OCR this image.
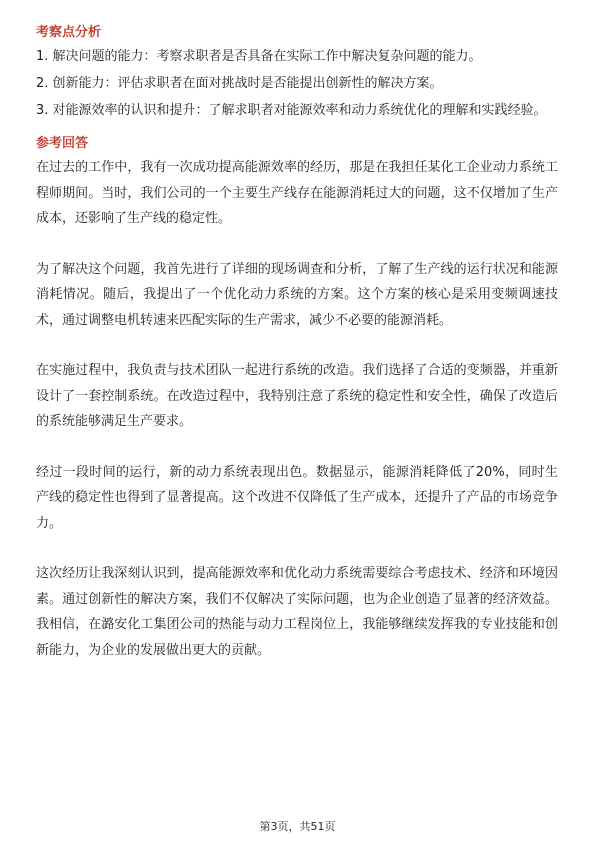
考察点分析

1. 解决问题的能力：考察求职者是否具备在实际工作中解决复杂问题的能力。

2. 创新能力：评估求职者在面对挑战时是否能提出创新性的解决方案。

3. 对能源效率的认识和提升：了解求职者对能源效率和动力系统优化的理解和实践经验。

参考回答

在过去的工作中，我有一次成功提高能源效率的经历，那是在我担任某化工企业动力系统工程师期间。当时，我们公司的一个主要生产线存在能源消耗过大的问题，这不仅增加了生产成本，还影响了生产线的稳定性。

为了解决这个问题，我首先进行了详细的现场调查和分析，了解了生产线的运行状况和能源消耗情况。随后，我提出了一个优化动力系统的方案。这个方案的核心是采用变频调速技术，通过调整电机转速来匹配实际的生产需求，减少不必要的能源消耗。

在实施过程中，我负责与技术团队一起进行系统的改造。我们选择了合适的变频器，并重新设计了一套控制系统。在改造过程中，我特别注意了系统的稳定性和安全性，确保了改造后的系统能够满足生产要求。

经过一段时间的运行，新的动力系统表现出色。数据显示，能源消耗降低了20%，同时生产线的稳定性也得到了显著提高。这个改进不仅降低了生产成本，还提升了产品的市场竞争力。

这次经历让我深刻认识到，提高能源效率和优化动力系统需要综合考虑技术、经济和环境因素。通过创新性的解决方案，我们不仅解决了实际问题，也为企业创造了显著的经济效益。我相信，在潞安化工集团公司的热能与动力工程岗位上，我能够继续发挥我的专业技能和创新能力，为企业的发展做出更大的贡献。

第3页，共51页
